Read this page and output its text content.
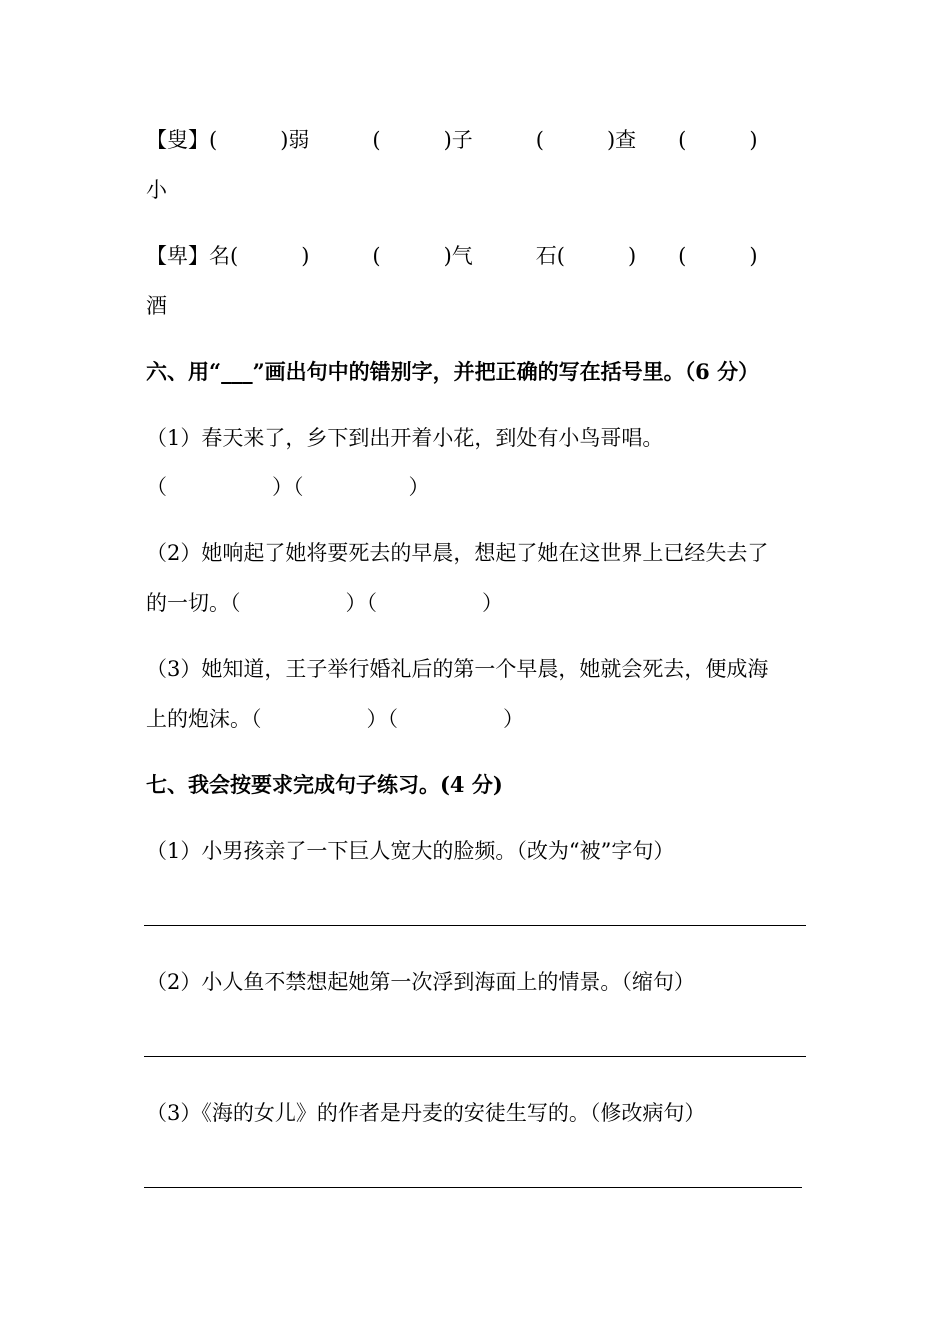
【叟】(　　　)弱　　　(　　　)子　　　(　　　)查　　(　　　)

小

【卑】名(　　　)　　　(　　　)气　　　石(　　　)　　(　　　)

酒

六、用“___”画出句中的错别字，并把正确的写在括号里。（6 分）

（1）春天来了，乡下到出开着小花，到处有小鸟哥唱。

（　　　　　）（　　　　　）

（2）她响起了她将要死去的早晨，想起了她在这世界上已经失去了

的一切。（　　　　　）（　　　　　）

（3）她知道，王子举行婚礼后的第一个早晨，她就会死去，便成海

上的炮沫。（　　　　　）（　　　　　）

七、我会按要求完成句子练习。(4 分)

（1）小男孩亲了一下巨人宽大的脸频。（改为“被”字句）

（2）小人鱼不禁想起她第一次浮到海面上的情景。（缩句）

（3）《海的女儿》的作者是丹麦的安徒生写的。（修改病句）
